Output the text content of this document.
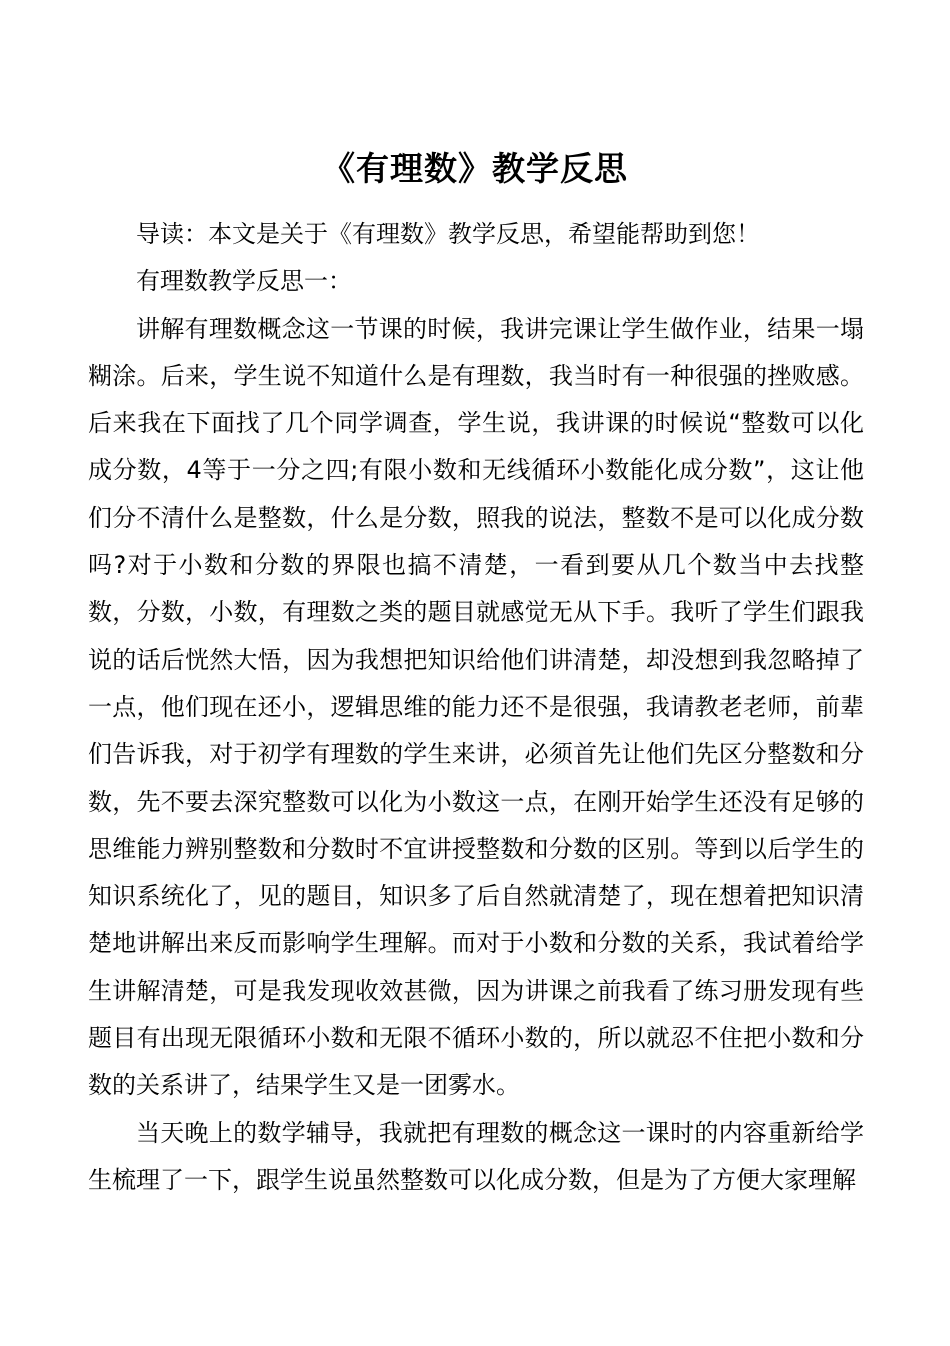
《有理数》教学反思

导读：本文是关于《有理数》教学反思，希望能帮助到您！

有理数教学反思一：

讲解有理数概念这一节课的时候，我讲完课让学生做作业，结果一塌糊涂。后来，学生说不知道什么是有理数，我当时有一种很强的挫败感。后来我在下面找了几个同学调查，学生说，我讲课的时候说“整数可以化成分数，4等于一分之四;有限小数和无线循环小数能化成分数”，这让他们分不清什么是整数，什么是分数，照我的说法，整数不是可以化成分数吗?对于小数和分数的界限也搞不清楚，一看到要从几个数当中去找整数，分数，小数，有理数之类的题目就感觉无从下手。我听了学生们跟我说的话后恍然大悟，因为我想把知识给他们讲清楚，却没想到我忽略掉了一点，他们现在还小，逻辑思维的能力还不是很强，我请教老老师，前辈们告诉我，对于初学有理数的学生来讲，必须首先让他们先区分整数和分数，先不要去深究整数可以化为小数这一点，在刚开始学生还没有足够的思维能力辨别整数和分数时不宜讲授整数和分数的区别。等到以后学生的知识系统化了，见的题目，知识多了后自然就清楚了，现在想着把知识清楚地讲解出来反而影响学生理解。而对于小数和分数的关系，我试着给学生讲解清楚，可是我发现收效甚微，因为讲课之前我看了练习册发现有些题目有出现无限循环小数和无限不循环小数的，所以就忍不住把小数和分数的关系讲了，结果学生又是一团雾水。

当天晚上的数学辅导，我就把有理数的概念这一课时的内容重新给学生梳理了一下，跟学生说虽然整数可以化成分数，但是为了方便大家理解
